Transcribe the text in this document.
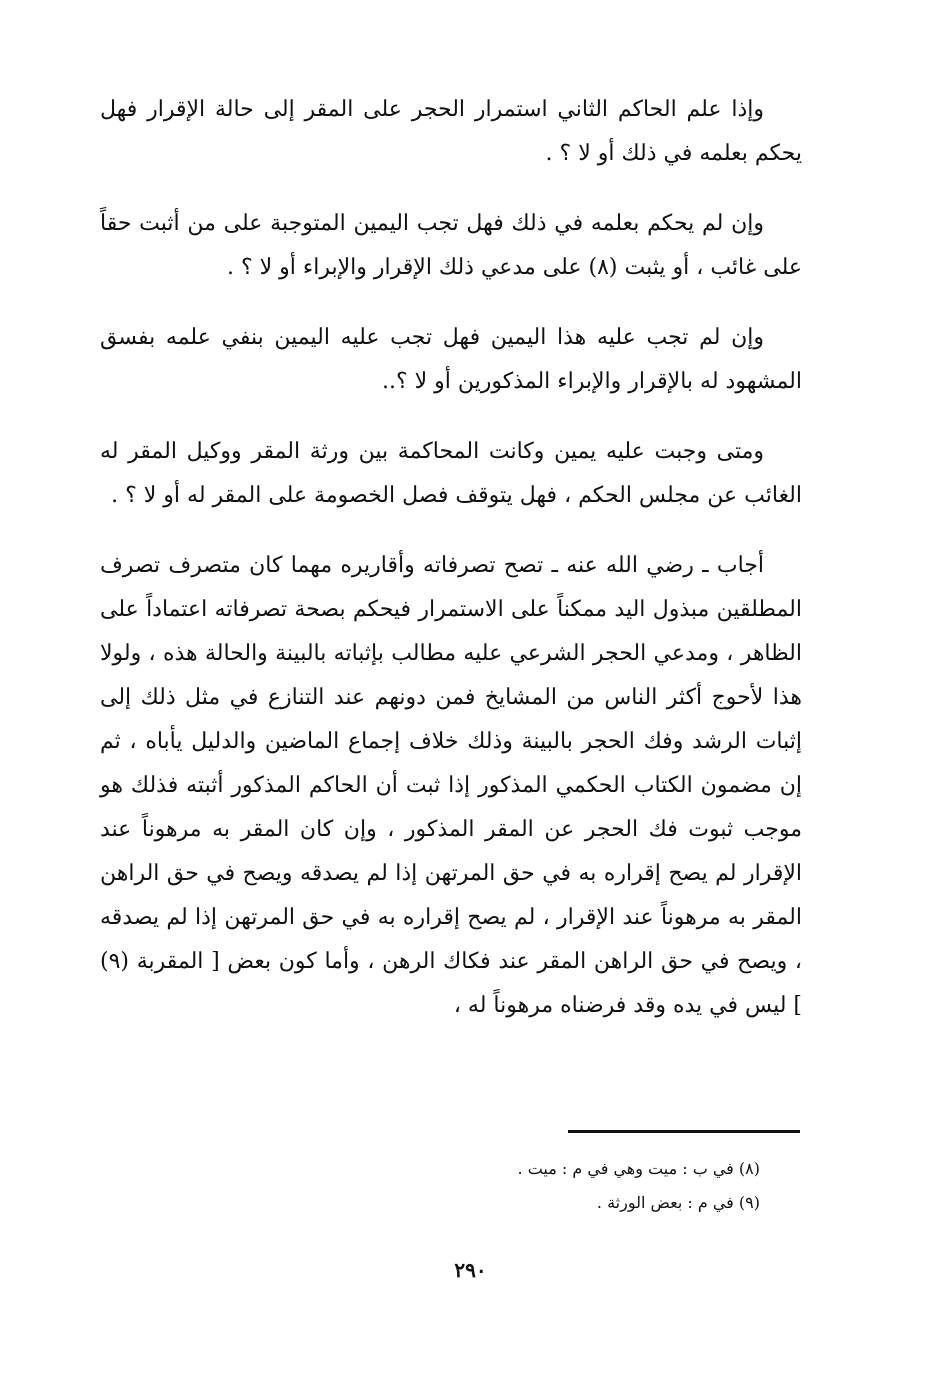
وإذا علم الحاكم الثاني استمرار الحجر على المقر إلى حالة الإقرار فهل يحكم بعلمه في ذلك أو لا ؟ .

وإن لم يحكم بعلمه في ذلك فهل تجب اليمين المتوجبة على من أثبت حقاً على غائب ، أو يثبت (٨) على مدعي ذلك الإقرار والإبراء أو لا ؟ .

وإن لم تجب عليه هذا اليمين فهل تجب عليه اليمين بنفي علمه بفسق المشهود له بالإقرار والإبراء المذكورين أو لا ؟..

ومتى وجبت عليه يمين وكانت المحاكمة بين ورثة المقر ووكيل المقر له الغائب عن مجلس الحكم ، فهل يتوقف فصل الخصومة على المقر له أو لا ؟ .

أجاب ـ رضي الله عنه ـ تصح تصرفاته وأقاريره مهما كان متصرف تصرف المطلقين مبذول اليد ممكناً على الاستمرار فيحكم بصحة تصرفاته اعتماداً على الظاهر ، ومدعي الحجر الشرعي عليه مطالب بإثباته بالبينة والحالة هذه ، ولولا هذا لأحوج أكثر الناس من المشايخ فمن دونهم عند التنازع في مثل ذلك إلى إثبات الرشد وفك الحجر بالبينة وذلك خلاف إجماع الماضين والدليل يأباه ، ثم إن مضمون الكتاب الحكمي المذكور إذا ثبت أن الحاكم المذكور أثبته فذلك هو موجب ثبوت فك الحجر عن المقر المذكور ، وإن كان المقر به مرهوناً عند الإقرار لم يصح إقراره به في حق المرتهن إذا لم يصدقه ويصح في حق الراهن المقر به مرهوناً عند الإقرار ، لم يصح إقراره به في حق المرتهن إذا لم يصدقه ، ويصح في حق الراهن المقر عند فكاك الرهن ، وأما كون بعض [ المقربة (٩) ] ليس في يده وقد فرضناه مرهوناً له ،

(٨) في ب : ميت وهي في م : ميت .

(٩) في م : بعض الورثة .

٢٩٠
